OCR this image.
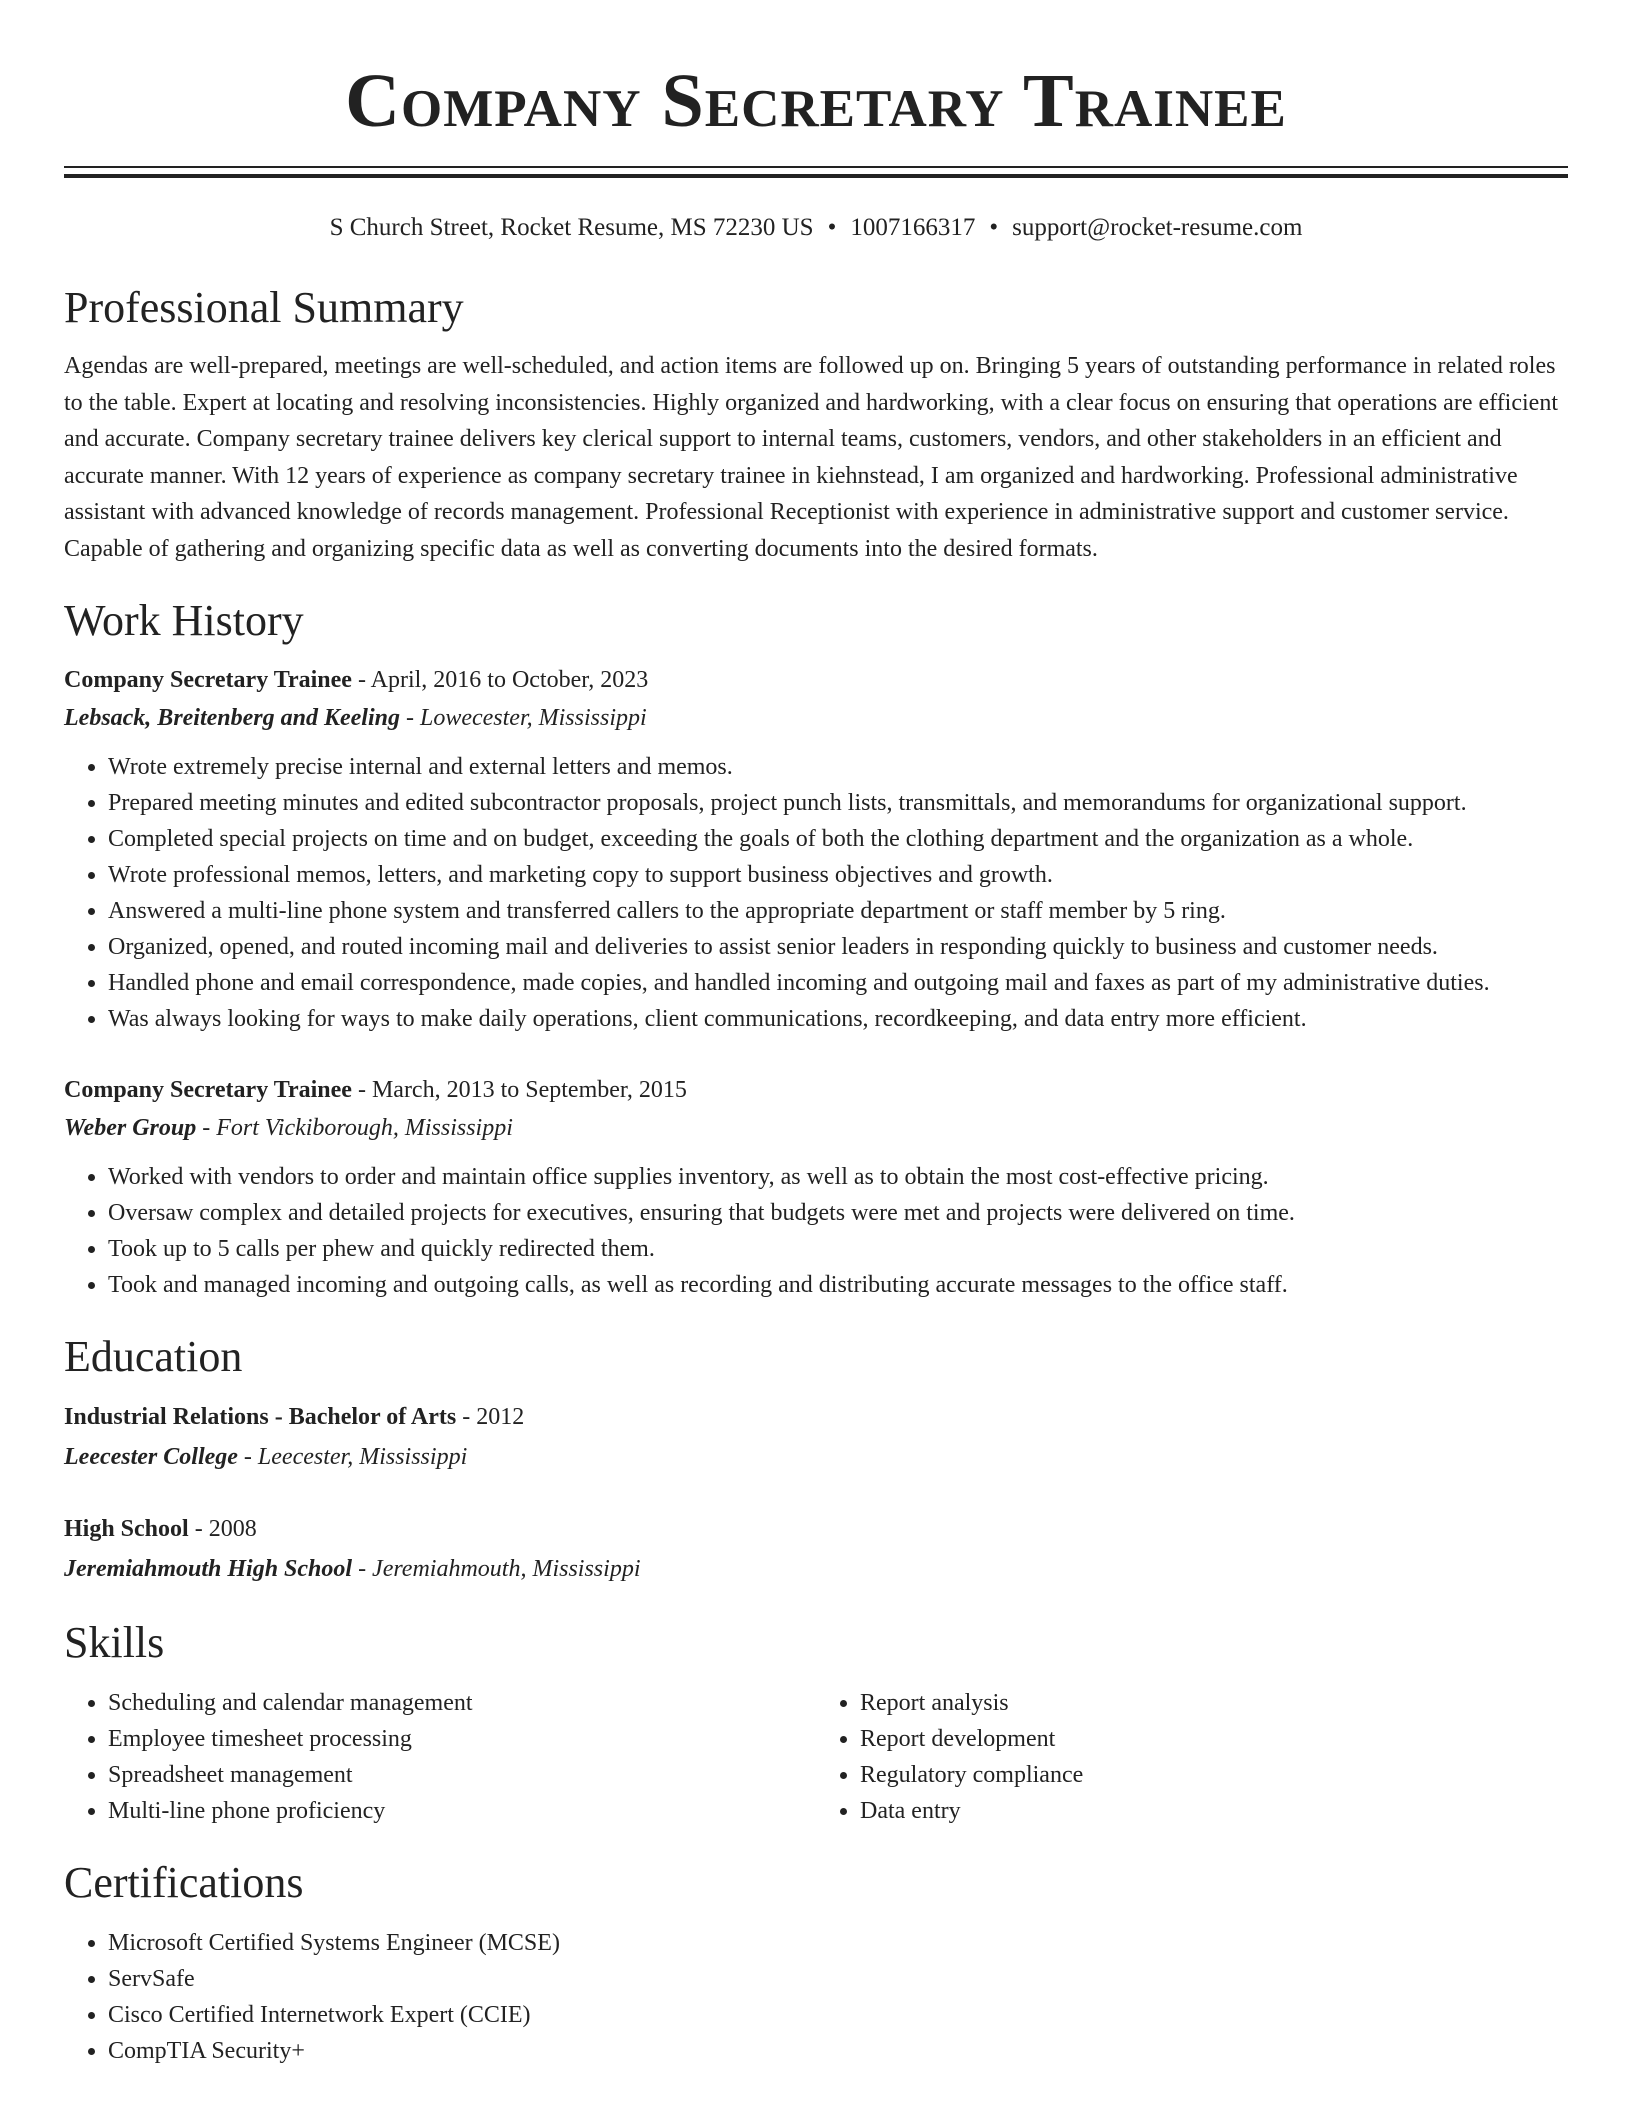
Company Secretary Trainee
S Church Street, Rocket Resume, MS 72230 US • 1007166317 • support@rocket-resume.com
Professional Summary

Agendas are well-prepared, meetings are well-scheduled, and action items are followed up on. Bringing 5 years of outstanding performance in related roles to the table. Expert at locating and resolving inconsistencies. Highly organized and hardworking, with a clear focus on ensuring that operations are efficient and accurate. Company secretary trainee delivers key clerical support to internal teams, customers, vendors, and other stakeholders in an efficient and accurate manner. With 12 years of experience as company secretary trainee in kiehnstead, I am organized and hardworking. Professional administrative assistant with advanced knowledge of records management. Professional Receptionist with experience in administrative support and customer service. Capable of gathering and organizing specific data as well as converting documents into the desired formats.

Work History
Company Secretary Trainee - April, 2016 to October, 2023
Lebsack, Breitenberg and Keeling - Lowecester, Mississippi
• Wrote extremely precise internal and external letters and memos.
• Prepared meeting minutes and edited subcontractor proposals, project punch lists, transmittals, and memorandums for organizational support.
• Completed special projects on time and on budget, exceeding the goals of both the clothing department and the organization as a whole.
• Wrote professional memos, letters, and marketing copy to support business objectives and growth.
• Answered a multi-line phone system and transferred callers to the appropriate department or staff member by 5 ring.
• Organized, opened, and routed incoming mail and deliveries to assist senior leaders in responding quickly to business and customer needs.
• Handled phone and email correspondence, made copies, and handled incoming and outgoing mail and faxes as part of my administrative duties.
• Was always looking for ways to make daily operations, client communications, recordkeeping, and data entry more efficient.
Company Secretary Trainee - March, 2013 to September, 2015
Weber Group - Fort Vickiborough, Mississippi
• Worked with vendors to order and maintain office supplies inventory, as well as to obtain the most cost-effective pricing.
• Oversaw complex and detailed projects for executives, ensuring that budgets were met and projects were delivered on time.
• Took up to 5 calls per phew and quickly redirected them.
• Took and managed incoming and outgoing calls, as well as recording and distributing accurate messages to the office staff.
Education
Industrial Relations - Bachelor of Arts - 2012
Leecester College - Leecester, Mississippi
High School - 2008
Jeremiahmouth High School - Jeremiahmouth, Mississippi
Skills
• Scheduling and calendar management
• Employee timesheet processing
• Spreadsheet management
• Multi-line phone proficiency
• Report analysis
• Report development
• Regulatory compliance
• Data entry
Certifications
• Microsoft Certified Systems Engineer (MCSE)
• ServSafe
• Cisco Certified Internetwork Expert (CCIE)
• CompTIA Security+
